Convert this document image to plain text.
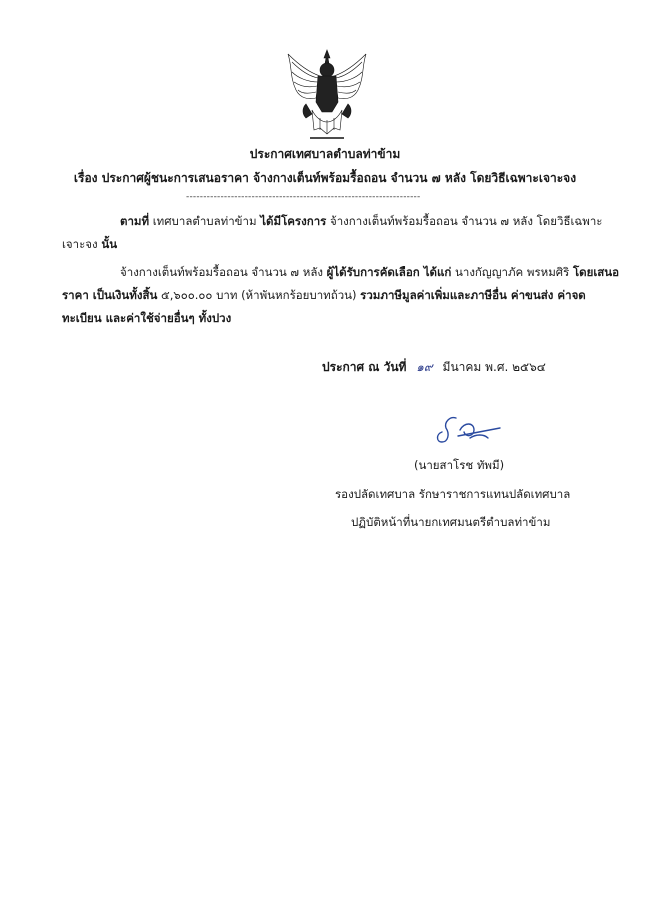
ประกาศเทศบาลตำบลท่าข้าม
เรื่อง ประกาศผู้ชนะการเสนอราคา จ้างกางเต็นท์พร้อมรื้อถอน จำนวน ๗ หลัง โดยวิธีเฉพาะเจาะจง
--------------------------------------------------------------------
ตามที่ เทศบาลตำบลท่าข้าม ได้มีโครงการ จ้างกางเต็นท์พร้อมรื้อถอน จำนวน ๗ หลัง โดยวิธีเฉพาะ
เจาะจง นั้น
จ้างกางเต็นท์พร้อมรื้อถอน จำนวน ๗ หลัง ผู้ได้รับการคัดเลือก ได้แก่ นางกัญญาภัค พรหมศิริ โดยเสนอ
ราคา เป็นเงินทั้งสิ้น ๕,๖๐๐.๐๐ บาท (ห้าพันหกร้อยบาทถ้วน) รวมภาษีมูลค่าเพิ่มและภาษีอื่น ค่าขนส่ง ค่าจด
ทะเบียน และค่าใช้จ่ายอื่นๆ ทั้งปวง
ประกาศ ณ วันที่ ๑๙ มีนาคม พ.ศ. ๒๕๖๔
(นายสาโรช ทัพมี)
รองปลัดเทศบาล รักษาราชการแทนปลัดเทศบาล
ปฏิบัติหน้าที่นายกเทศมนตรีตำบลท่าข้าม
